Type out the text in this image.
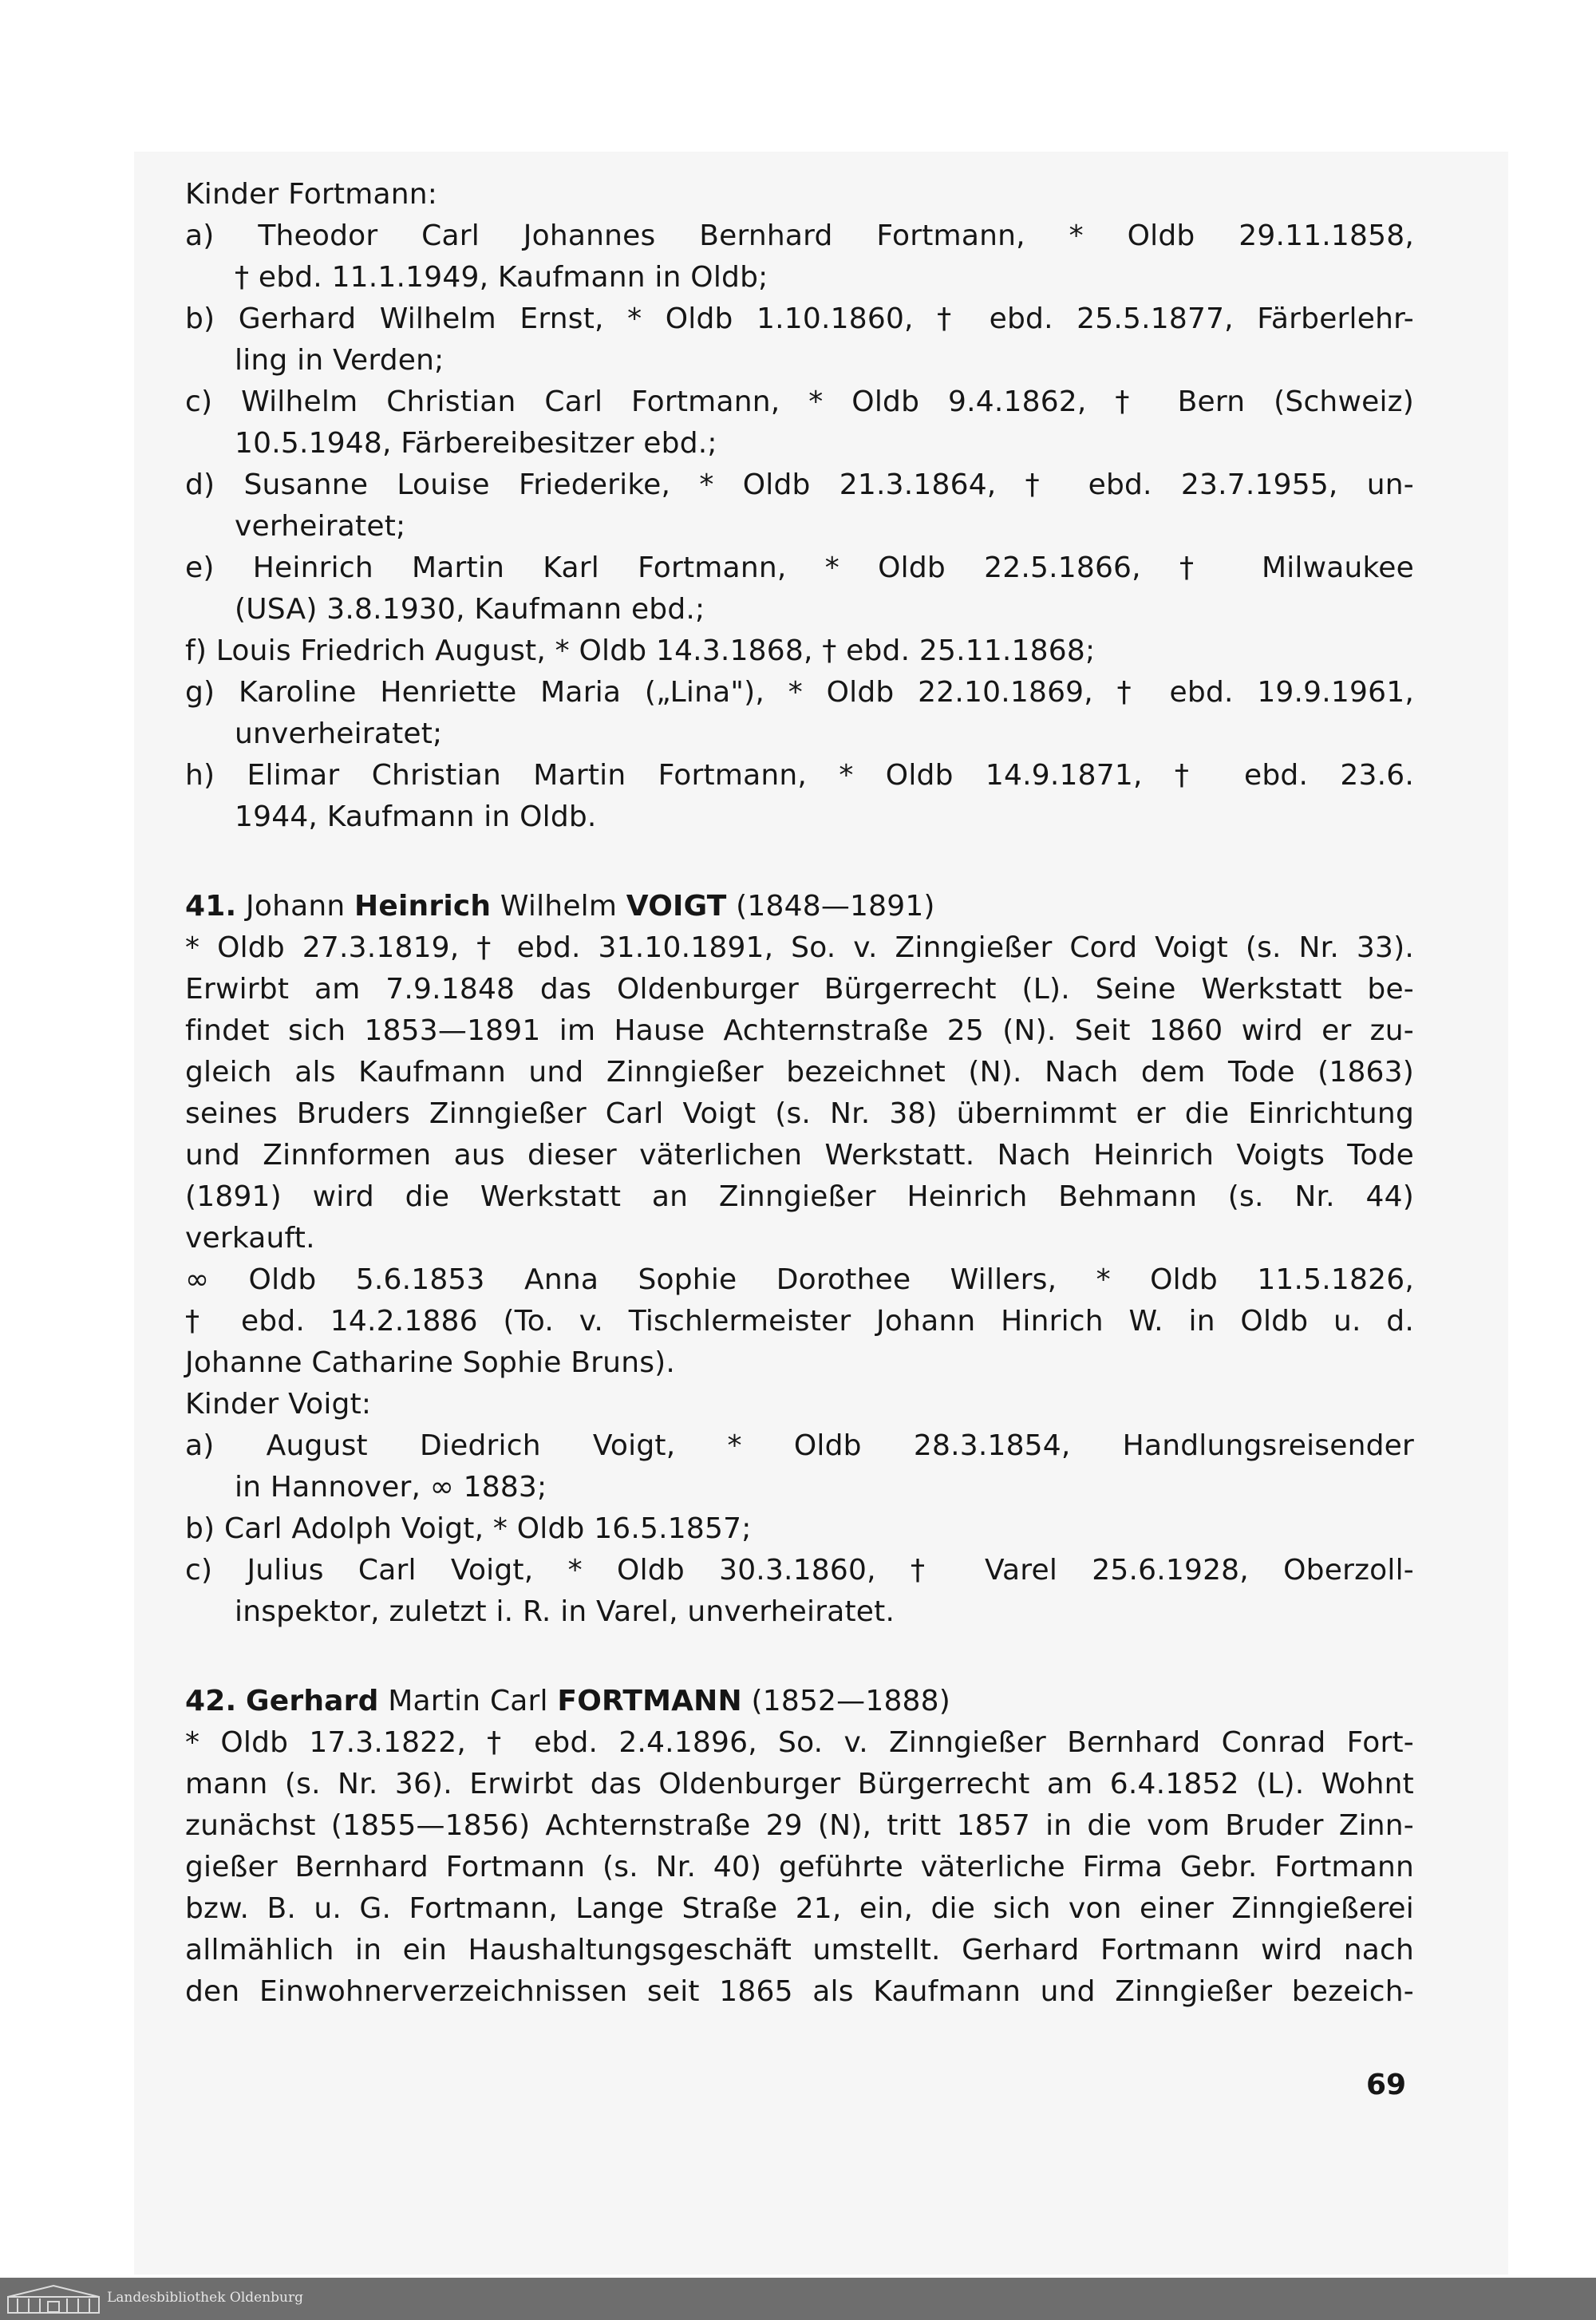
Kinder Fortmann:
a) Theodor Carl Johannes Bernhard Fortmann, * Oldb 29.11.1858,
† ebd. 11.1.1949, Kaufmann in Oldb;
b) Gerhard Wilhelm Ernst, * Oldb 1.10.1860, † ebd. 25.5.1877, Färberlehr-
ling in Verden;
c) Wilhelm Christian Carl Fortmann, * Oldb 9.4.1862, † Bern (Schweiz)
10.5.1948, Färbereibesitzer ebd.;
d) Susanne Louise Friederike, * Oldb 21.3.1864, † ebd. 23.7.1955, un-
verheiratet;
e) Heinrich Martin Karl Fortmann, * Oldb 22.5.1866, † Milwaukee
(USA) 3.8.1930, Kaufmann ebd.;
f) Louis Friedrich August, * Oldb 14.3.1868, † ebd. 25.11.1868;
g) Karoline Henriette Maria („Lina"), * Oldb 22.10.1869, † ebd. 19.9.1961,
unverheiratet;
h) Elimar Christian Martin Fortmann, * Oldb 14.9.1871, † ebd. 23.6.
1944, Kaufmann in Oldb.
41. Johann Heinrich Wilhelm VOIGT (1848—1891)
* Oldb 27.3.1819, † ebd. 31.10.1891, So. v. Zinngießer Cord Voigt (s. Nr. 33).
Erwirbt am 7.9.1848 das Oldenburger Bürgerrecht (L). Seine Werkstatt be-
findet sich 1853—1891 im Hause Achternstraße 25 (N). Seit 1860 wird er zu-
gleich als Kaufmann und Zinngießer bezeichnet (N). Nach dem Tode (1863)
seines Bruders Zinngießer Carl Voigt (s. Nr. 38) übernimmt er die Einrichtung
und Zinnformen aus dieser väterlichen Werkstatt. Nach Heinrich Voigts Tode
(1891) wird die Werkstatt an Zinngießer Heinrich Behmann (s. Nr. 44)
verkauft.
∞ Oldb 5.6.1853 Anna Sophie Dorothee Willers, * Oldb 11.5.1826,
† ebd. 14.2.1886 (To. v. Tischlermeister Johann Hinrich W. in Oldb u. d.
Johanne Catharine Sophie Bruns).
Kinder Voigt:
a) August Diedrich Voigt, * Oldb 28.3.1854, Handlungsreisender
in Hannover, ∞ 1883;
b) Carl Adolph Voigt, * Oldb 16.5.1857;
c) Julius Carl Voigt, * Oldb 30.3.1860, † Varel 25.6.1928, Oberzoll-
inspektor, zuletzt i. R. in Varel, unverheiratet.
42. Gerhard Martin Carl FORTMANN (1852—1888)
* Oldb 17.3.1822, † ebd. 2.4.1896, So. v. Zinngießer Bernhard Conrad Fort-
mann (s. Nr. 36). Erwirbt das Oldenburger Bürgerrecht am 6.4.1852 (L). Wohnt
zunächst (1855—1856) Achternstraße 29 (N), tritt 1857 in die vom Bruder Zinn-
gießer Bernhard Fortmann (s. Nr. 40) geführte väterliche Firma Gebr. Fortmann
bzw. B. u. G. Fortmann, Lange Straße 21, ein, die sich von einer Zinngießerei
allmählich in ein Haushaltungsgeschäft umstellt. Gerhard Fortmann wird nach
den Einwohnerverzeichnissen seit 1865 als Kaufmann und Zinngießer bezeich-
69
Landesbibliothek Oldenburg
